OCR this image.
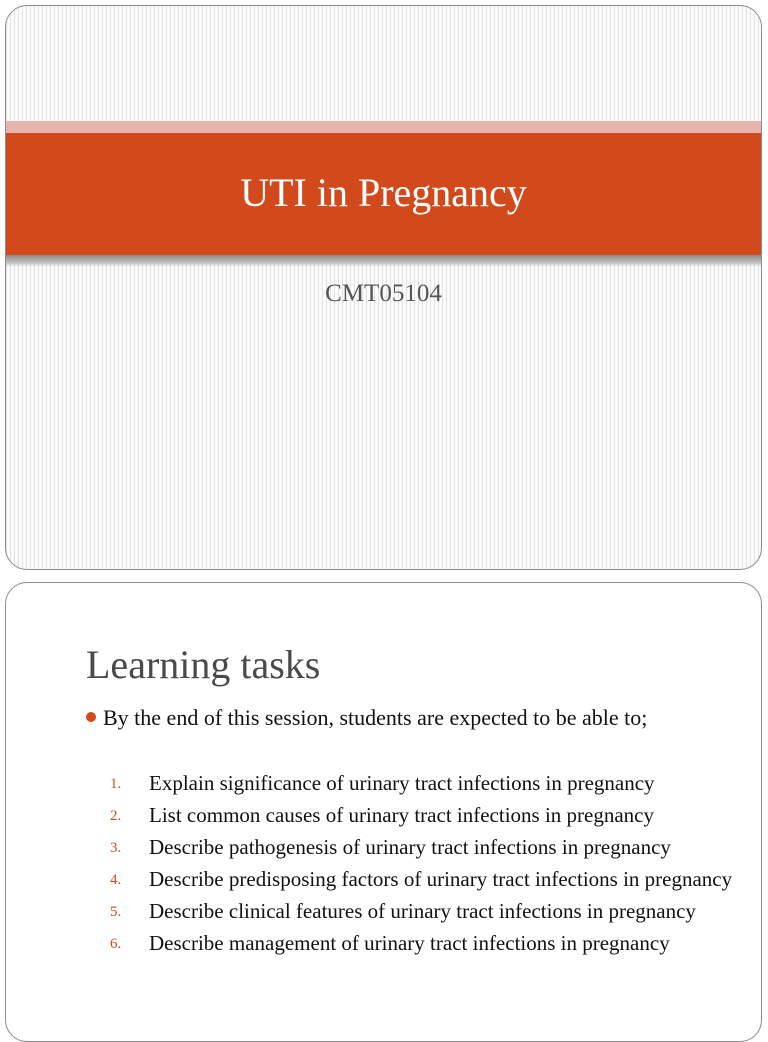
UTI in Pregnancy
CMT05104
Learning tasks
By the end of this session, students are expected to be able to;
1.	Explain significance of urinary tract infections in pregnancy
2.	List common causes of urinary tract infections in pregnancy
3.	Describe pathogenesis of urinary tract infections in pregnancy
4.	Describe predisposing factors of urinary tract infections in pregnancy
5.	Describe clinical features of urinary tract infections in pregnancy
6.	Describe management of urinary tract infections in pregnancy
